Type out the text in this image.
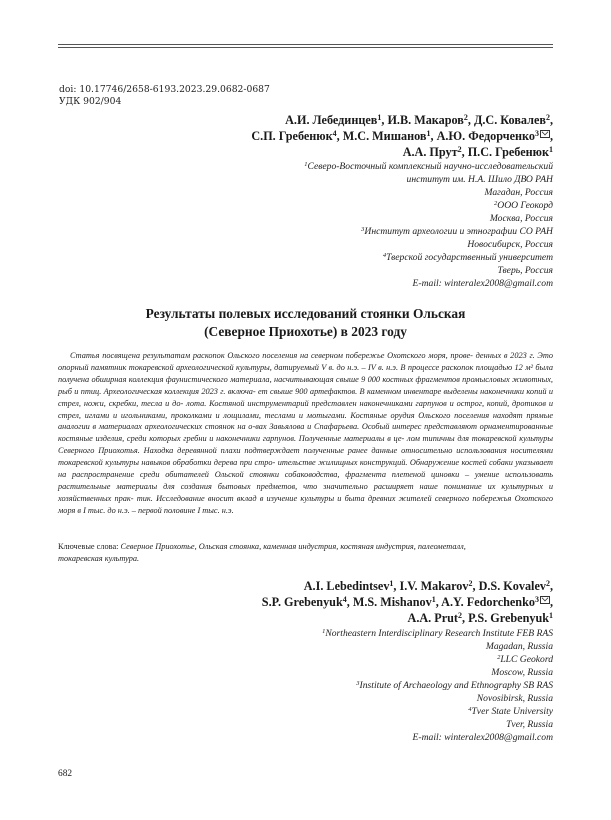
doi: 10.17746/2658-6193.2023.29.0682-0687
УДК 902/904
А.И. Лебединцев$^1$, И.В. Макаров$^2$, Д.С. Ковалев$^2$,
С.П. Гребенюк$^4$, М.С. Мишанов$^1$, А.Ю. Федорченко$^3$ ,
А.А. Прут$^2$, П.С. Гребенюк$^1$
$^1$Северо-Восточный комплексный научно-исследовательский
институт им. Н.А. Шило ДВО РАН
Магадан, Россия
$^2$ООО Геокорд
Москва, Россия
$^3$Институт археологии и этнографии СО РАН
Новосибирск, Россия
$^4$Тверской государственный университет
Тверь, Россия
E-mail: winteralex2008@gmail.com
Результаты полевых исследований стоянки Ольская
(Северное Приохотье) в 2023 году
Статья посвящена результатам раскопок Ольского поселения на северном побережье Охотского моря, прове- денных в 2023 г. Это опорный памятник токаревской археологической культуры, датируемый V в. до н.э. – IV в. н.э. В процессе раскопок площадью 12 м² была получена обширная коллекция фаунистического материала, насчитывающая свыше 9 000 костных фрагментов промысловых животных, рыб и птиц. Археологическая коллекция 2023 г. включа- ет свыше 900 артефактов. В каменном инвентаре выделены наконечники копий и стрел, ножи, скребки, тесла и до- лота. Костяной инструментарий представлен наконечниками гарпунов и острог, копий, дротиков и стрел, иглами и игольниками, проколками и лощилами, теслами и мотыгами. Костяные орудия Ольского поселения находят прямые аналогии в материалах археологических стоянок на о-вах Завьялова и Спафарьева. Особый интерес представляют орнаментированные костяные изделия, среди которых гребни и наконечники гарпунов. Полученные материалы в це- лом типичны для токаревской культуры Северного Приохотья. Находка деревянной плахи подтверждает полученные ранее данные относительно использования носителями токаревской культуры навыков обработки дерева при стро- ительстве жилищных конструкций. Обнаружение костей собаки указывает на распространение среди обитателей Ольской стоянки собаководства, фрагмента плетеной циновки – умение использовать растительные материалы для создания бытовых предметов, что значительно расширяет наше понимание их культурных и хозяйственных прак- тик. Исследование вносит вклад в изучение культуры и быта древних жителей северного побережья Охотского моря в I тыс. до н.э. – первой половине I тыс. н.э.
Ключевые слова: Северное Приохотье, Ольская стоянка, каменная индустрия, костяная индустрия, палеометалл,
токаревская культура.
A.I. Lebedintsev$^1$, I.V. Makarov$^2$, D.S. Kovalev$^2$,
S.P. Grebenyuk$^4$, M.S. Mishanov$^1$, A.Y. Fedorchenko$^3$ ,
A.A. Prut$^2$, P.S. Grebenyuk$^1$
$^1$Northeastern Interdisciplinary Research Institute FEB RAS
Magadan, Russia
$^2$LLC Geokord
Moscow, Russia
$^3$Institute of Archaeology and Ethnography SB RAS
Novosibirsk, Russia
$^4$Tver State University
Tver, Russia
E-mail: winteralex2008@gmail.com
682
